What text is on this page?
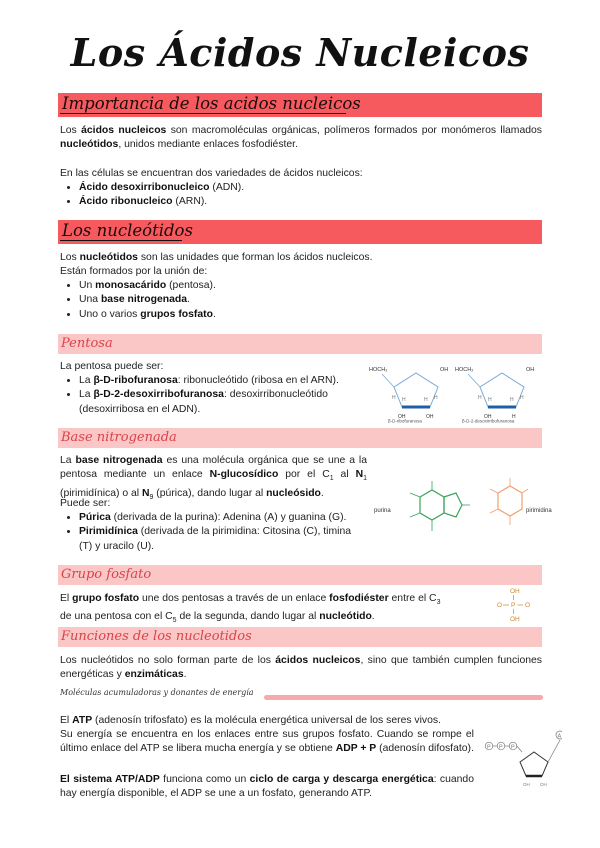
Los Ácidos Nucleicos
Importancia de los acidos nucleicos
Los ácidos nucleicos son macromoléculas orgánicas, polímeros formados por monómeros llamados nucleótidos, unidos mediante enlaces fosfodiéster.
En las células se encuentran dos variedades de ácidos nucleicos:
• Ácido desoxirribonucleico (ADN).
• Ácido ribonucleico (ARN).
Los nucleótidos
Los nucleótidos son las unidades que forman los ácidos nucleicos.
Están formados por la unión de:
• Un monosacárido (pentosa).
• Una base nitrogenada.
• Uno o varios grupos fosfato.
Pentosa
La pentosa puede ser:
• La β-D-ribofuranosa: ribonucleótido (ribosa en el ARN).
• La β-D-2-desoxirribofuranosa: desoxirribonucleótido (desoxirribosa en el ADN).
HOCH₂	OH
H	H
H	H
OH	OH
β-D-ribofuranosa
HOCH₂	OH
H	H
H	H
OH	H
β-D-2-desoxirribofuranosa
Base nitrogenada
La base nitrogenada es una molécula orgánica que se une a la pentosa mediante un enlace N-glucosídico por el $C_1$ al $N_1$ (pirimidínica) o al $N_9$ (púrica), dando lugar al nucleósido.
Puede ser:
• Púrica (derivada de la purina): Adenina (A) y guanina (G).
• Pirimidínica (derivada de la pirimidina: Citosina (C), timina (T) y uracilo (U).
purina	pirimidina
Grupo fosfato
El grupo fosfato une dos pentosas a través de un enlace fosfodiéster entre el $C_3$ de una pentosa con el $C_5$ de la segunda, dando lugar al nucleótido.
OH
O P O
OH
Funciones de los nucleotidos
Los nucleótidos no solo forman parte de los ácidos nucleicos, sino que también cumplen funciones energéticas y enzimáticas.
Moléculas acumuladoras y donantes de energía
El ATP (adenosín trifosfato) es la molécula energética universal de los seres vivos.
Su energía se encuentra en los enlaces entre sus grupos fosfato. Cuando se rompe el último enlace del ATP se libera mucha energía y se obtiene ADP + P (adenosín difosfato).
El sistema ATP/ADP funciona como un ciclo de carga y descarga energética: cuando hay energía disponible, el ADP se une a un fosfato, generando ATP.
P P P
A
OH OH
